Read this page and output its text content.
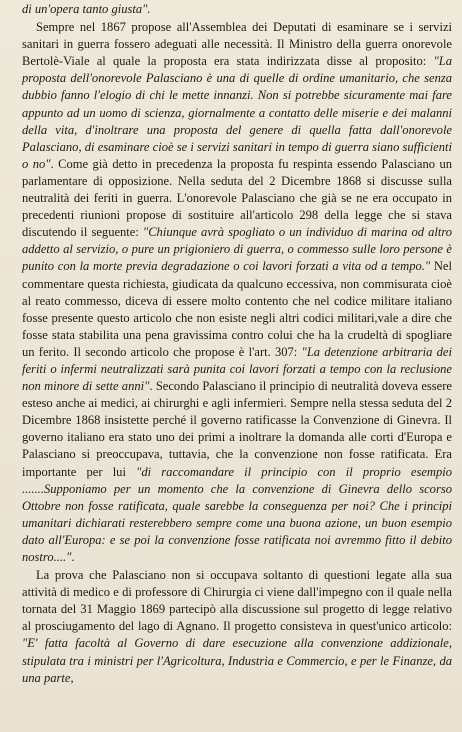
di un'opera tanto giusta".

Sempre nel 1867 propose all'Assemblea dei Deputati di esaminare se i servizi sanitari in guerra fossero adeguati alle necessità. Il Ministro della guerra onorevole Bertolè-Viale al quale la proposta era stata indirizzata disse al proposito: "La proposta dell'onorevole Palasciano è una di quelle di ordine umanitario, che senza dubbio fanno l'elogio di chi le mette innanzi. Non si potrebbe sicuramente mai fare appunto ad un uomo di scienza, giornalmente a contatto delle miserie e dei malanni della vita, d'inoltrare una proposta del genere di quella fatta dall'onorevole Palasciano, di esaminare cioè se i servizi sanitari in tempo di guerra siano sufficienti o no". Come già detto in precedenza la proposta fu respinta essendo Palasciano un parlamentare di opposizione. Nella seduta del 2 Dicembre 1868 si discusse sulla neutralità dei feriti in guerra. L'onorevole Palasciano che già se ne era occupato in precedenti riunioni propose di sostituire all'articolo 298 della legge che si stava discutendo il seguente: "Chiunque avrà spogliato o un individuo di marina od altro addetto al servizio, o pure un prigioniero di guerra, o commesso sulle loro persone è punito con la morte previa degradazione o coi lavori forzati a vita od a tempo." Nel commentare questa richiesta, giudicata da qualcuno eccessiva, non commisurata cioè al reato commesso, diceva di essere molto contento che nel codice militare italiano fosse presente questo articolo che non esiste negli altri codici militari,vale a dire che fosse stata stabilita una pena gravissima contro colui che ha la crudeltà di spogliare un ferito. Il secondo articolo che propose è l'art. 307: "La detenzione arbitraria dei feriti o infermi neutralizzati sarà punita coi lavori forzati a tempo con la reclusione non minore di sette anni". Secondo Palasciano il principio di neutralità doveva essere esteso anche ai medici, ai chirurghi e agli infermieri. Sempre nella stessa seduta del 2 Dicembre 1868 insistette perché il governo ratificasse la Convenzione di Ginevra. Il governo italiano era stato uno dei primi a inoltrare la domanda alle corti d'Europa e Palasciano si preoccupava, tuttavia, che la convenzione non fosse ratificata. Era importante per lui "di raccomandare il principio con il proprio esempio .......Supponiamo per un momento che la convenzione di Ginevra dello scorso Ottobre non fosse ratificata, quale sarebbe la conseguenza per noi? Che i principi umanitari dichiarati resterebbero sempre come una buona azione, un buon esempio dato all'Europa: e se poi la convenzione fosse ratificata noi avremmo fitto il debito nostro....".

La prova che Palasciano non si occupava soltanto di questioni legate alla sua attività di medico e di professore di Chirurgia ci viene dall'impegno con il quale nella tornata del 31 Maggio 1869 partecipò alla discussione sul progetto di legge relativo al prosciugamento del lago di Agnano. Il progetto consisteva in quest'unico articolo: "E' fatta facoltà al Governo di dare esecuzione alla convenzione addizionale, stipulata tra i ministri per l'Agricoltura, Industria e Commercio, e per le Finanze, da una parte,
